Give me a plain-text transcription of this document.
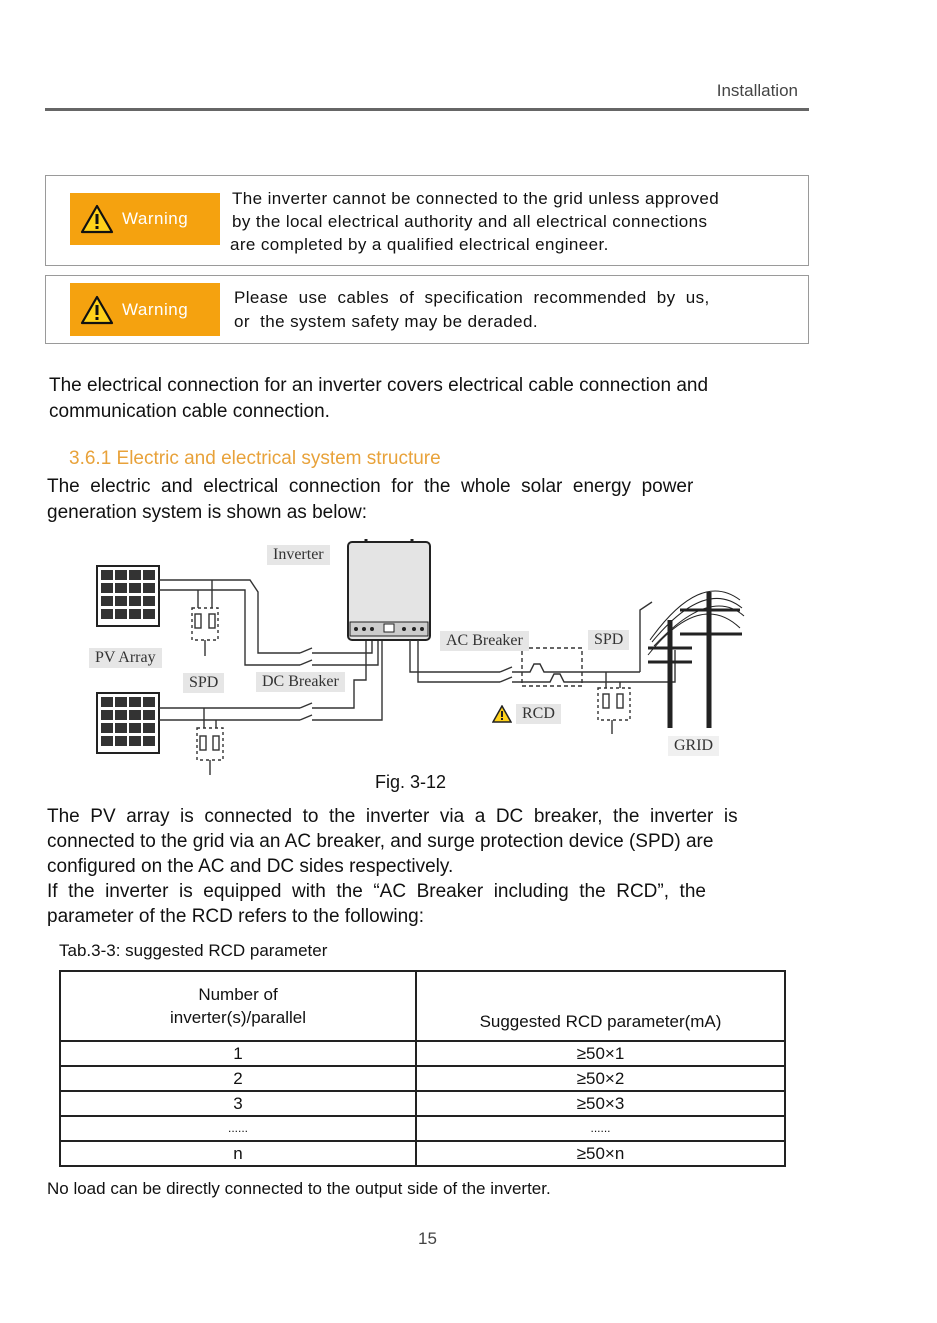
Installation
Warning
The inverter cannot be connected to the grid unless approved
by the local electrical authority and all electrical connections
are completed by a qualified electrical engineer.
Warning
Please  use  cables  of  specification  recommended  by  us,
or  the system safety may be deraded.
The electrical connection for an inverter covers electrical cable connection and
communication cable connection.
3.6.1 Electric and electrical system structure
The  electric  and  electrical  connection  for  the  whole  solar  energy  power
generation system is shown as below:
Inverter
PV Array
SPD	DC Breaker
AC Breaker	SPD
RCD
GRID
Fig. 3-12
The  PV  array  is  connected  to  the  inverter  via  a  DC  breaker,  the  inverter  is
connected to the grid via an AC breaker, and surge protection device (SPD) are
configured on the AC and DC sides respectively.
If  the  inverter  is  equipped  with  the  “AC  Breaker  including  the  RCD”,  the
parameter of the RCD refers to the following:
Tab.3-3: suggested RCD parameter
Number of
inverter(s)/parallel	Suggested RCD parameter(mA)
1	≥50×1
2	≥50×2
3	≥50×3
......	......
n	≥50×n
No load can be directly connected to the output side of the inverter.
15
